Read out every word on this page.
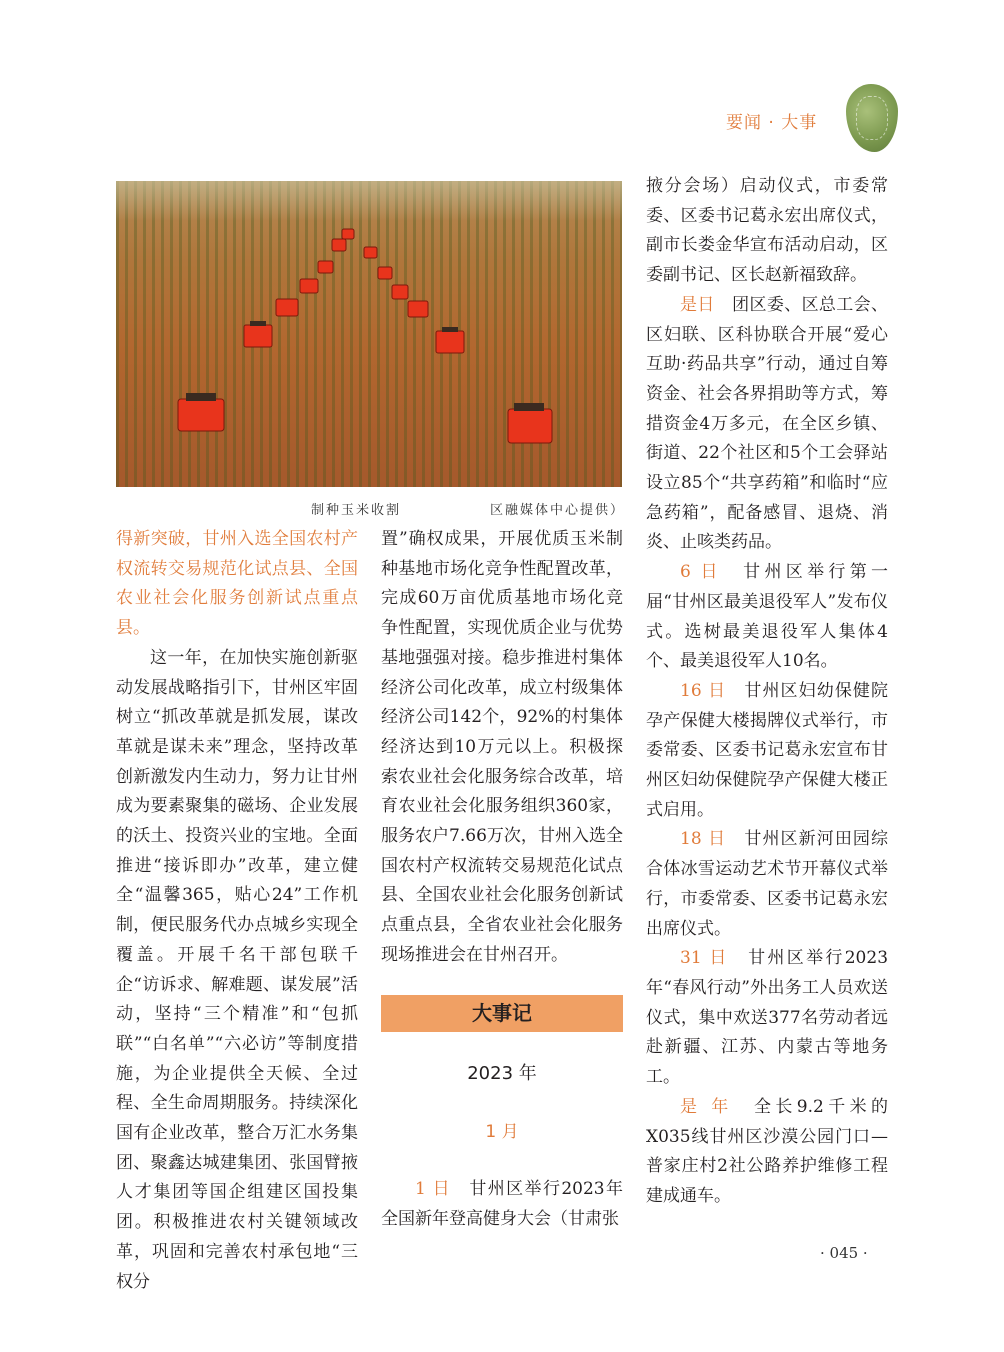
要闻 · 大事
制种玉米收割	区融媒体中心提供）

得新突破，甘州入选全国农村产权流转交易规范化试点县、全国农业社会化服务创新试点重点县。

这一年，在加快实施创新驱动发展战略指引下，甘州区牢固树立“抓改革就是抓发展，谋改革就是谋未来”理念，坚持改革创新激发内生动力，努力让甘州成为要素聚集的磁场、企业发展的沃土、投资兴业的宝地。全面推进“接诉即办”改革，建立健全“温馨365，贴心24”工作机制，便民服务代办点城乡实现全覆盖。开展千名干部包联千企“访诉求、解难题、谋发展”活动，坚持“三个精准”和“包抓联”“白名单”“六必访”等制度措施，为企业提供全天候、全过程、全生命周期服务。持续深化国有企业改革，整合万汇水务集团、聚鑫达城建集团、张国臂掖人才集团等国企组建区国投集团。积极推进农村关键领域改革，巩固和完善农村承包地“三权分

置”确权成果，开展优质玉米制种基地市场化竞争性配置改革，完成60万亩优质基地市场化竞争性配置，实现优质企业与优势基地强强对接。稳步推进村集体经济公司化改革，成立村级集体经济公司142个，92%的村集体经济达到10万元以上。积极探索农业社会化服务综合改革，培育农业社会化服务组织360家，服务农户7.66万次，甘州入选全国农村产权流转交易规范化试点县、全国农业社会化服务创新试点重点县，全省农业社会化服务现场推进会在甘州召开。

大事记
2023 年
1 月

1 日　 甘州区举行2023年全国新年登高健身大会（甘肃张

掖分会场）启动仪式，市委常委、区委书记葛永宏出席仪式，副市长娄金华宣布活动启动，区委副书记、区长赵新福致辞。

是日　 团区委、区总工会、区妇联、区科协联合开展“爱心互助·药品共享”行动，通过自筹资金、社会各界捐助等方式，筹措资金4万多元，在全区乡镇、街道、22个社区和5个工会驿站设立85个“共享药箱”和临时“应急药箱”，配备感冒、退烧、消炎、止咳类药品。

6 日　 甘州区举行第一届“甘州区最美退役军人”发布仪式。选树最美退役军人集体4个、最美退役军人10名。

16 日　 甘州区妇幼保健院孕产保健大楼揭牌仪式举行，市委常委、区委书记葛永宏宣布甘州区妇幼保健院孕产保健大楼正式启用。

18 日　 甘州区新河田园综合体冰雪运动艺术节开幕仪式举行，市委常委、区委书记葛永宏出席仪式。

31 日　 甘州区举行2023年“春风行动”外出务工人员欢送仪式，集中欢送377名劳动者远赴新疆、江苏、内蒙古等地务工。

是 年　 全长9.2千米的X035线甘州区沙漠公园门口—普家庄村2社公路养护维修工程建成通车。

· 045 ·
